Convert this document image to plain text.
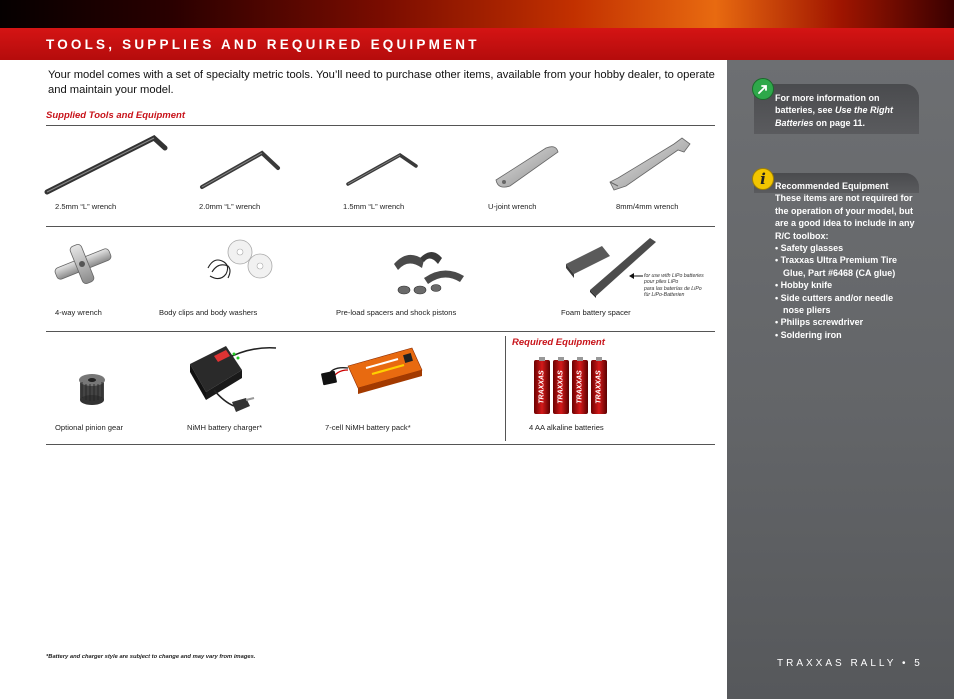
TOOLS, SUPPLIES AND REQUIRED EQUIPMENT
Your model comes with a set of specialty metric tools. You’ll need to purchase other items, available from your hobby dealer, to operate and maintain your model.
Supplied Tools and Equipment
2.5mm “L” wrench	2.0mm “L” wrench	1.5mm “L” wrench	U-joint wrench	8mm/4mm wrench
for use with LiPo batteries
pour piles LiPo
para las baterías de LiPo
für LiPo-Batterien
4-way wrench	Body clips and body washers	Pre-load spacers and shock pistons	Foam battery spacer
Optional pinion gear	NiMH battery charger*	7-cell NiMH battery pack*
Required Equipment
TRAXXAS TRAXXAS TRAXXAS TRAXXAS
4 AA alkaline batteries
*Battery and charger style are subject to change and may vary from images.
For more information on batteries, see Use the Right Batteries on page 11.
i	Recommended Equipment
These items are not required for the operation of your model, but are a good idea to include in any R/C toolbox:
• Safety glasses
• Traxxas Ultra Premium Tire Glue, Part #6468 (CA glue)
• Hobby knife
• Side cutters and/or needle nose pliers
• Philips screwdriver
• Soldering iron
TRAXXAS RALLY • 5
